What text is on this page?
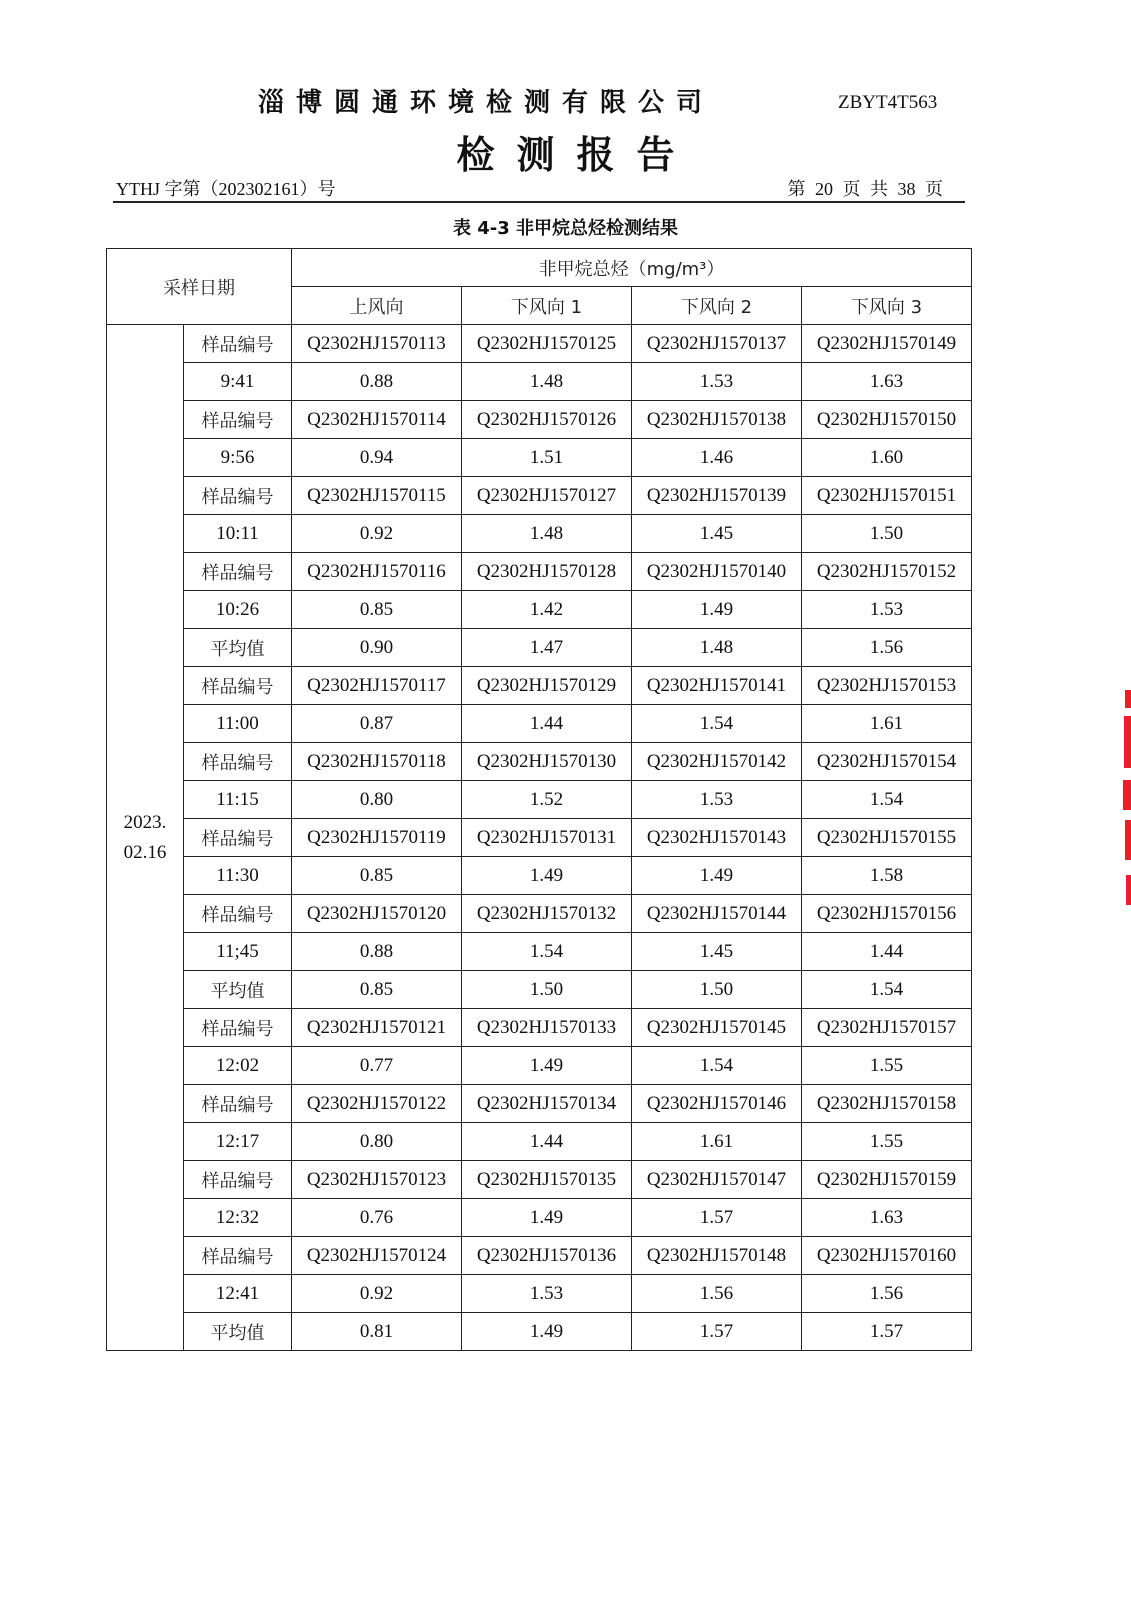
淄博圆通环境检测有限公司	ZBYT4T563
检测报告
YTHJ 字第（202302161）号	第 20 页 共 38 页
表 4-3 非甲烷总烃检测结果
采样日期		非甲烷总烃（mg/m³）			
		上风向	下风向 1	下风向 2	下风向 3
2023.
02.16	样品编号	Q2302HJ1570113	Q2302HJ1570125	Q2302HJ1570137	Q2302HJ1570149
	9:41	0.88	1.48	1.53	1.63
	样品编号	Q2302HJ1570114	Q2302HJ1570126	Q2302HJ1570138	Q2302HJ1570150
	9:56	0.94	1.51	1.46	1.60
	样品编号	Q2302HJ1570115	Q2302HJ1570127	Q2302HJ1570139	Q2302HJ1570151
	10:11	0.92	1.48	1.45	1.50
	样品编号	Q2302HJ1570116	Q2302HJ1570128	Q2302HJ1570140	Q2302HJ1570152
	10:26	0.85	1.42	1.49	1.53
	平均值	0.90	1.47	1.48	1.56
	样品编号	Q2302HJ1570117	Q2302HJ1570129	Q2302HJ1570141	Q2302HJ1570153
	11:00	0.87	1.44	1.54	1.61
	样品编号	Q2302HJ1570118	Q2302HJ1570130	Q2302HJ1570142	Q2302HJ1570154
	11:15	0.80	1.52	1.53	1.54
	样品编号	Q2302HJ1570119	Q2302HJ1570131	Q2302HJ1570143	Q2302HJ1570155
	11:30	0.85	1.49	1.49	1.58
	样品编号	Q2302HJ1570120	Q2302HJ1570132	Q2302HJ1570144	Q2302HJ1570156
	11;45	0.88	1.54	1.45	1.44
	平均值	0.85	1.50	1.50	1.54
	样品编号	Q2302HJ1570121	Q2302HJ1570133	Q2302HJ1570145	Q2302HJ1570157
	12:02	0.77	1.49	1.54	1.55
	样品编号	Q2302HJ1570122	Q2302HJ1570134	Q2302HJ1570146	Q2302HJ1570158
	12:17	0.80	1.44	1.61	1.55
	样品编号	Q2302HJ1570123	Q2302HJ1570135	Q2302HJ1570147	Q2302HJ1570159
	12:32	0.76	1.49	1.57	1.63
	样品编号	Q2302HJ1570124	Q2302HJ1570136	Q2302HJ1570148	Q2302HJ1570160
	12:41	0.92	1.53	1.56	1.56
	平均值	0.81	1.49	1.57	1.57
